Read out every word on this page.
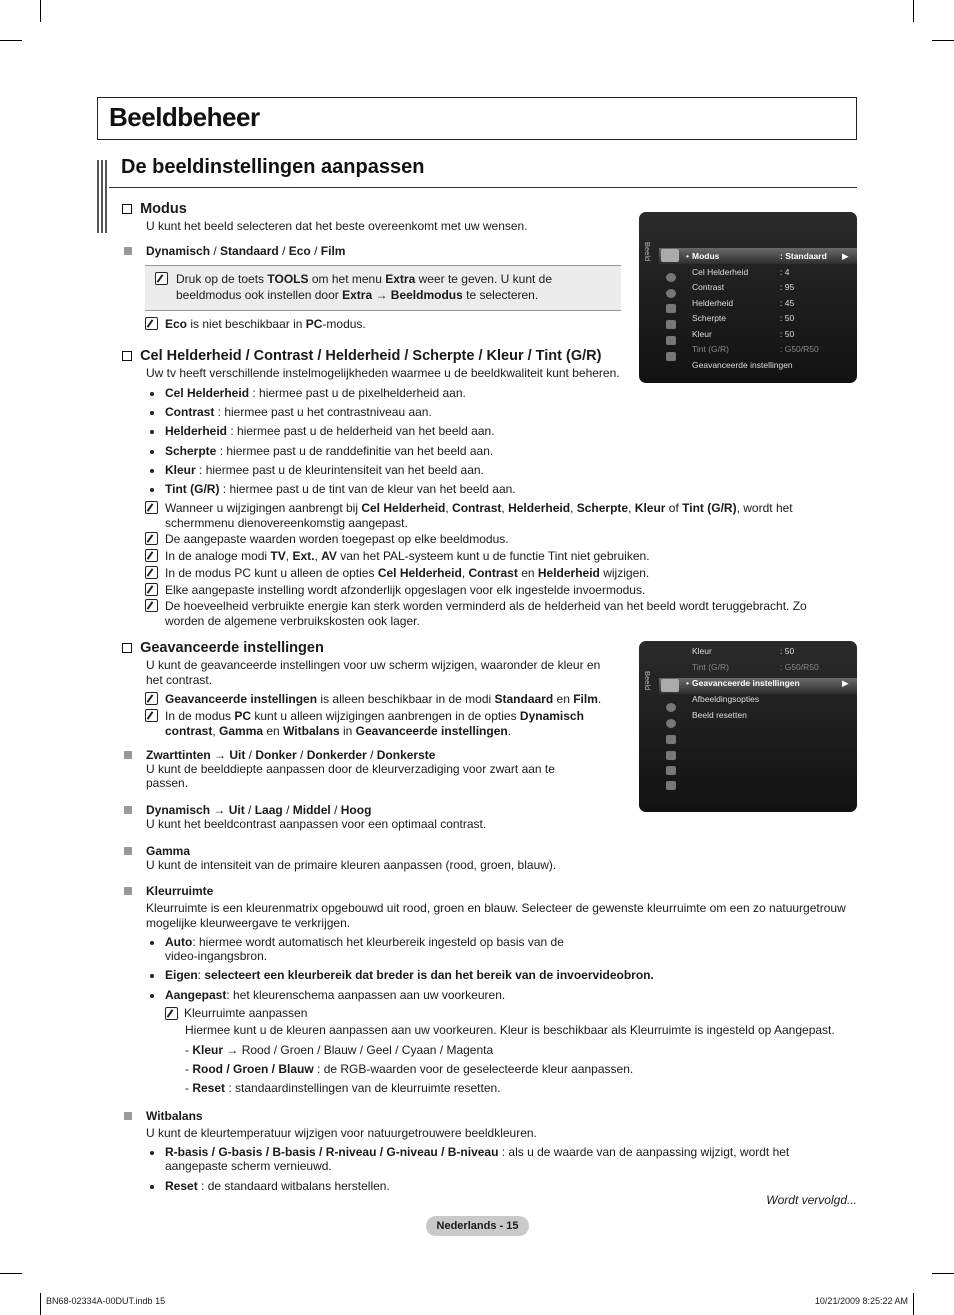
Beeldbeheer
De beeldinstellingen aanpassen
Modus
U kunt het beeld selecteren dat het beste overeenkomt met uw wensen.
Dynamisch / Standaard / Eco / Film
Druk op de toets TOOLS om het menu Extra weer te geven. U kunt de
beeldmodus ook instellen door Extra → Beeldmodus te selecteren.
Eco is niet beschikbaar in PC-modus.
Beeld	Modus	: Standaard
•	▶
Cel Helderheid	: 4
Contrast	: 95
Helderheid	: 45
Scherpte	: 50
Kleur	: 50
Tint (G/R)	: G50/R50
Geavanceerde instellingen
Cel Helderheid / Contrast / Helderheid / Scherpte / Kleur / Tint (G/R)
Uw tv heeft verschillende instelmogelijkheden waarmee u de beeldkwaliteit kunt beheren.
Geavanceerde instellingen
U kunt de geavanceerde instellingen voor uw scherm wijzigen, waaronder de kleur en
het contrast.
Geavanceerde instellingen is alleen beschikbaar in de modi Standaard en Film.
In de modus PC kunt u alleen wijzigingen aanbrengen in de opties Dynamisch
contrast, Gamma en Witbalans in Geavanceerde instellingen.
Beeld
Kleur	: 50
Tint (G/R)	: G50/R50
Geavanceerde instellingen
•	▶
Afbeeldingsopties
Beeld resetten
Zwarttinten → Uit / Donker / Donkerder / Donkerste
U kunt de beelddiepte aanpassen door de kleurverzadiging voor zwart aan te
passen.
Dynamisch → Uit / Laag / Middel / Hoog
U kunt het beeldcontrast aanpassen voor een optimaal contrast.
Gamma
U kunt de intensiteit van de primaire kleuren aanpassen (rood, groen, blauw).
Kleurruimte
Kleurruimte is een kleurenmatrix opgebouwd uit rood, groen en blauw. Selecteer de gewenste kleurruimte om een zo natuurgetrouw
mogelijke kleurweergave te verkrijgen.
Auto: hiermee wordt automatisch het kleurbereik ingesteld op basis van de
video-ingangsbron.
Eigen: selecteert een kleurbereik dat breder is dan het bereik van de invoervideobron.
Aangepast: het kleurenschema aanpassen aan uw voorkeuren.
Kleurruimte aanpassen
Hiermee kunt u de kleuren aanpassen aan uw voorkeuren. Kleur is beschikbaar als Kleurruimte is ingesteld op Aangepast.
Witbalans
U kunt de kleurtemperatuur wijzigen voor natuurgetrouwere beeldkleuren.
R-basis / G-basis / B-basis / R-niveau / G-niveau / B-niveau : als u de waarde van de aanpassing wijzigt, wordt het
aangepaste scherm vernieuwd.
Reset : de standaard witbalans herstellen.
Wordt vervolgd...
Nederlands - 15
BN68-02334A-00DUT.indb 15	10/21/2009 8:25:22 AM
Cel Helderheid : hiermee past u de pixelhelderheid aan.
Contrast : hiermee past u het contrastniveau aan.
Helderheid : hiermee past u de helderheid van het beeld aan.
Scherpte : hiermee past u de randdefinitie van het beeld aan.
Kleur : hiermee past u de kleurintensiteit van het beeld aan.
Tint (G/R) : hiermee past u de tint van de kleur van het beeld aan.
Wanneer u wijzigingen aanbrengt bij Cel Helderheid, Contrast, Helderheid, Scherpte, Kleur of Tint (G/R), wordt het
schermmenu dienovereenkomstig aangepast.
De aangepaste waarden worden toegepast op elke beeldmodus.
In de analoge modi TV, Ext., AV van het PAL-systeem kunt u de functie Tint niet gebruiken.
In de modus PC kunt u alleen de opties Cel Helderheid, Contrast en Helderheid wijzigen.
Elke aangepaste instelling wordt afzonderlijk opgeslagen voor elk ingestelde invoermodus.
De hoeveelheid verbruikte energie kan sterk worden verminderd als de helderheid van het beeld wordt teruggebracht. Zo
worden de algemene verbruikskosten ook lager.
- Kleur → Rood / Groen / Blauw / Geel / Cyaan / Magenta
- Rood / Groen / Blauw : de RGB-waarden voor de geselecteerde kleur aanpassen.
- Reset : standaardinstellingen van de kleurruimte resetten.
